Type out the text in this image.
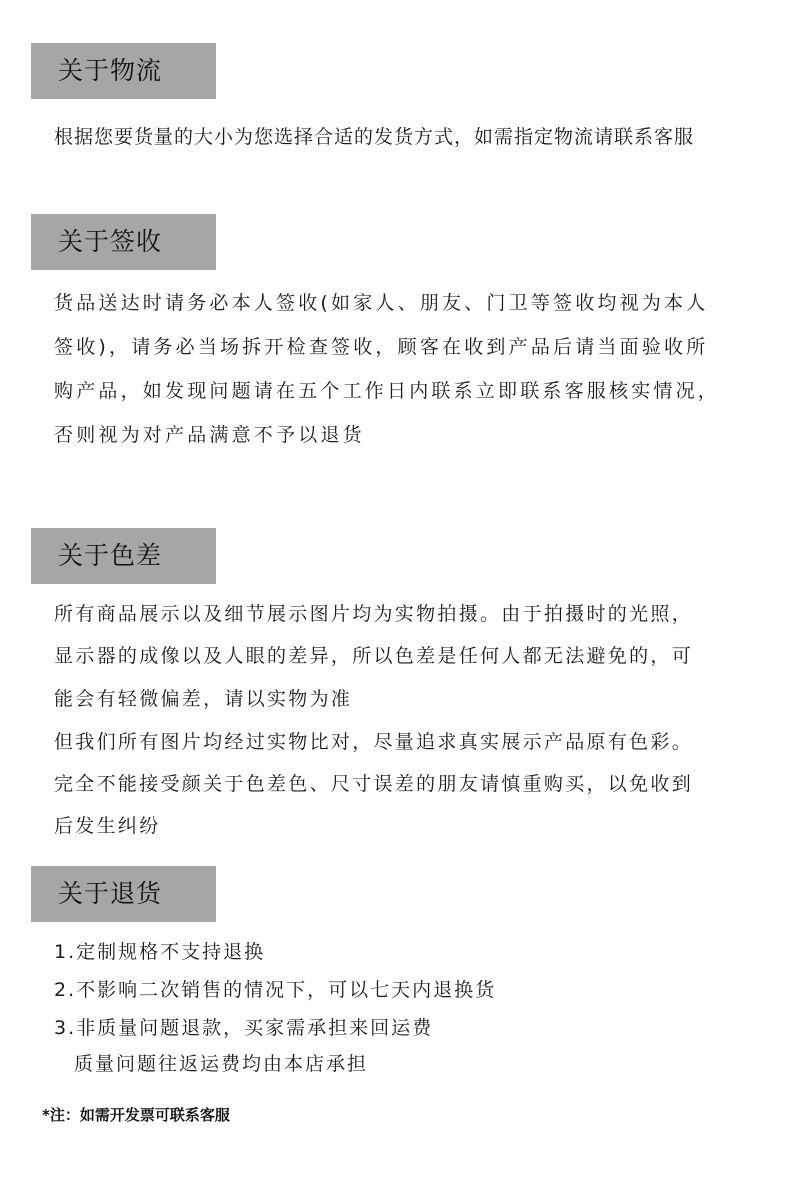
关于物流
根据您要货量的大小为您选择合适的发货方式，如需指定物流请联系客服
关于签收
货品送达时请务必本人签收(如家人、朋友、门卫等签收均视为本人
签收)，请务必当场拆开检查签收，顾客在收到产品后请当面验收所
购产品，如发现问题请在五个工作日内联系立即联系客服核实情况，
否则视为对产品满意不予以退货
关于色差
所有商品展示以及细节展示图片均为实物拍摄。由于拍摄时的光照，
显示器的成像以及人眼的差异，所以色差是任何人都无法避免的，可
能会有轻微偏差，请以实物为准
但我们所有图片均经过实物比对，尽量追求真实展示产品原有色彩。
完全不能接受颜关于色差色、尺寸误差的朋友请慎重购买，以免收到
后发生纠纷
关于退货
1.定制规格不支持退换
2.不影响二次销售的情况下，可以七天内退换货
3.非质量问题退款，买家需承担来回运费
质量问题往返运费均由本店承担
*注：如需开发票可联系客服
